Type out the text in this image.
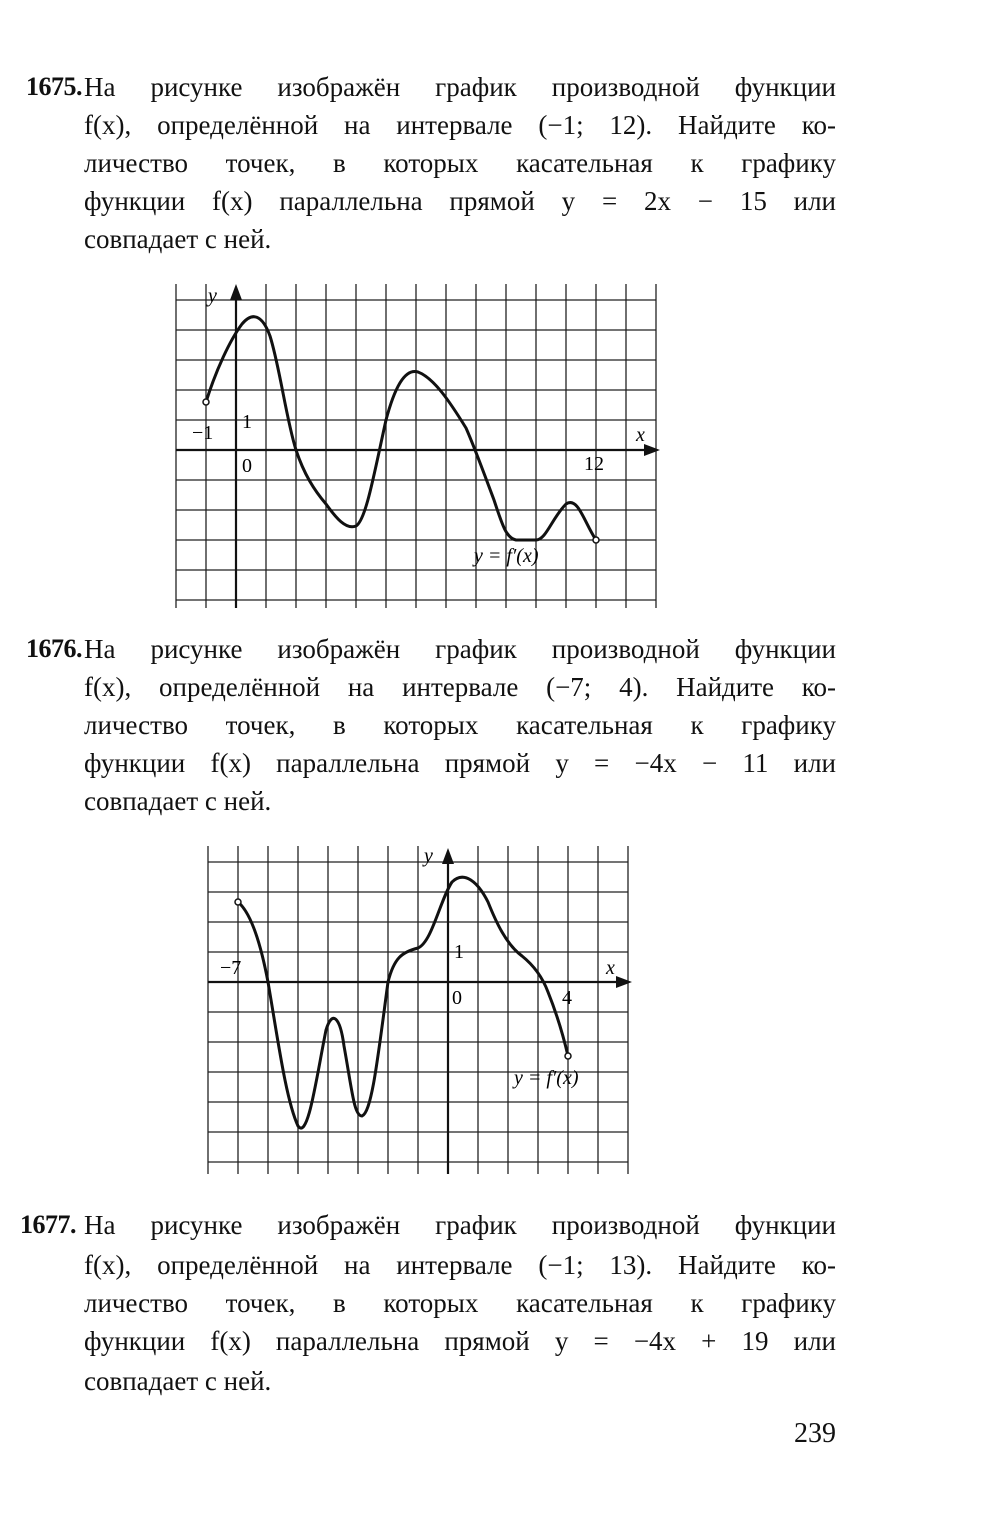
1675. На рисунке изображён график производной функции
f(x), определённой на интервале (−1; 12). Найдите ко-
личество точек, в которых касательная к графику
функции f(x) параллельна прямой y = 2x − 15 или
совпадает с ней.
y
x
1
0
−1
12
y = f′(x)
1676. На рисунке изображён график производной функции
f(x), определённой на интервале (−7; 4). Найдите ко-
личество точек, в которых касательная к графику
функции f(x) параллельна прямой y = −4x − 11 или
совпадает с ней.
y
x
1
0
−7
4
y = f′(x)
1677. На рисунке изображён график производной функции
f(x), определённой на интервале (−1; 13). Найдите ко-
личество точек, в которых касательная к графику
функции f(x) параллельна прямой y = −4x + 19 или
совпадает с ней.
239
